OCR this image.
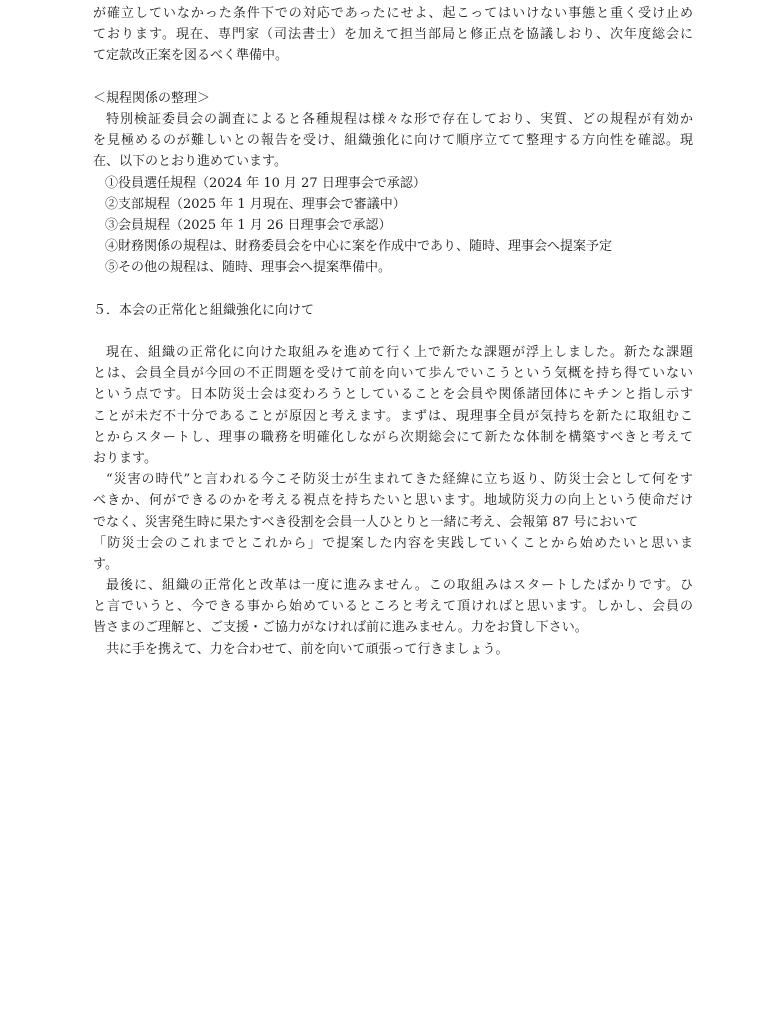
が確立していなかった条件下での対応であったにせよ、起こってはいけない事態と重く受け止め
ております。現在、専門家（司法書士）を加えて担当部局と修正点を協議しおり、次年度総会に
て定款改正案を図るべく準備中。
＜規程関係の整理＞
特別検証委員会の調査によると各種規程は様々な形で存在しており、実質、どの規程が有効か
を見極めるのが難しいとの報告を受け、組織強化に向けて順序立てて整理する方向性を確認。現
在、以下のとおり進めています。
①役員選任規程（2024 年 10 月 27 日理事会で承認）
②支部規程（2025 年 1 月現在、理事会で審議中）
③会員規程（2025 年 1 月 26 日理事会で承認）
④財務関係の規程は、財務委員会を中心に案を作成中であり、随時、理事会へ提案予定
⑤その他の規程は、随時、理事会へ提案準備中。
５．本会の正常化と組織強化に向けて
現在、組織の正常化に向けた取組みを進めて行く上で新たな課題が浮上しました。新たな課題
とは、会員全員が今回の不正問題を受けて前を向いて歩んでいこうという気概を持ち得ていない
という点です。日本防災士会は変わろうとしていることを会員や関係諸団体にキチンと指し示す
ことが未だ不十分であることが原因と考えます。まずは、現理事全員が気持ちを新たに取組むこ
とからスタートし、理事の職務を明確化しながら次期総会にて新たな体制を構築すべきと考えて
おります。
“災害の時代”と言われる今こそ防災士が生まれてきた経緯に立ち返り、防災士会として何をす
べきか、何ができるのかを考える視点を持ちたいと思います。地域防災力の向上という使命だけ
でなく、災害発生時に果たすべき役割を会員一人ひとりと一緒に考え、会報第 87 号において
「防災士会のこれまでとこれから」で提案した内容を実践していくことから始めたいと思いま
す。
最後に、組織の正常化と改革は一度に進みません。この取組みはスタートしたばかりです。ひ
と言でいうと、今できる事から始めているところと考えて頂ければと思います。しかし、会員の
皆さまのご理解と、ご支援・ご協力がなければ前に進みません。力をお貸し下さい。
共に手を携えて、力を合わせて、前を向いて頑張って行きましょう。
